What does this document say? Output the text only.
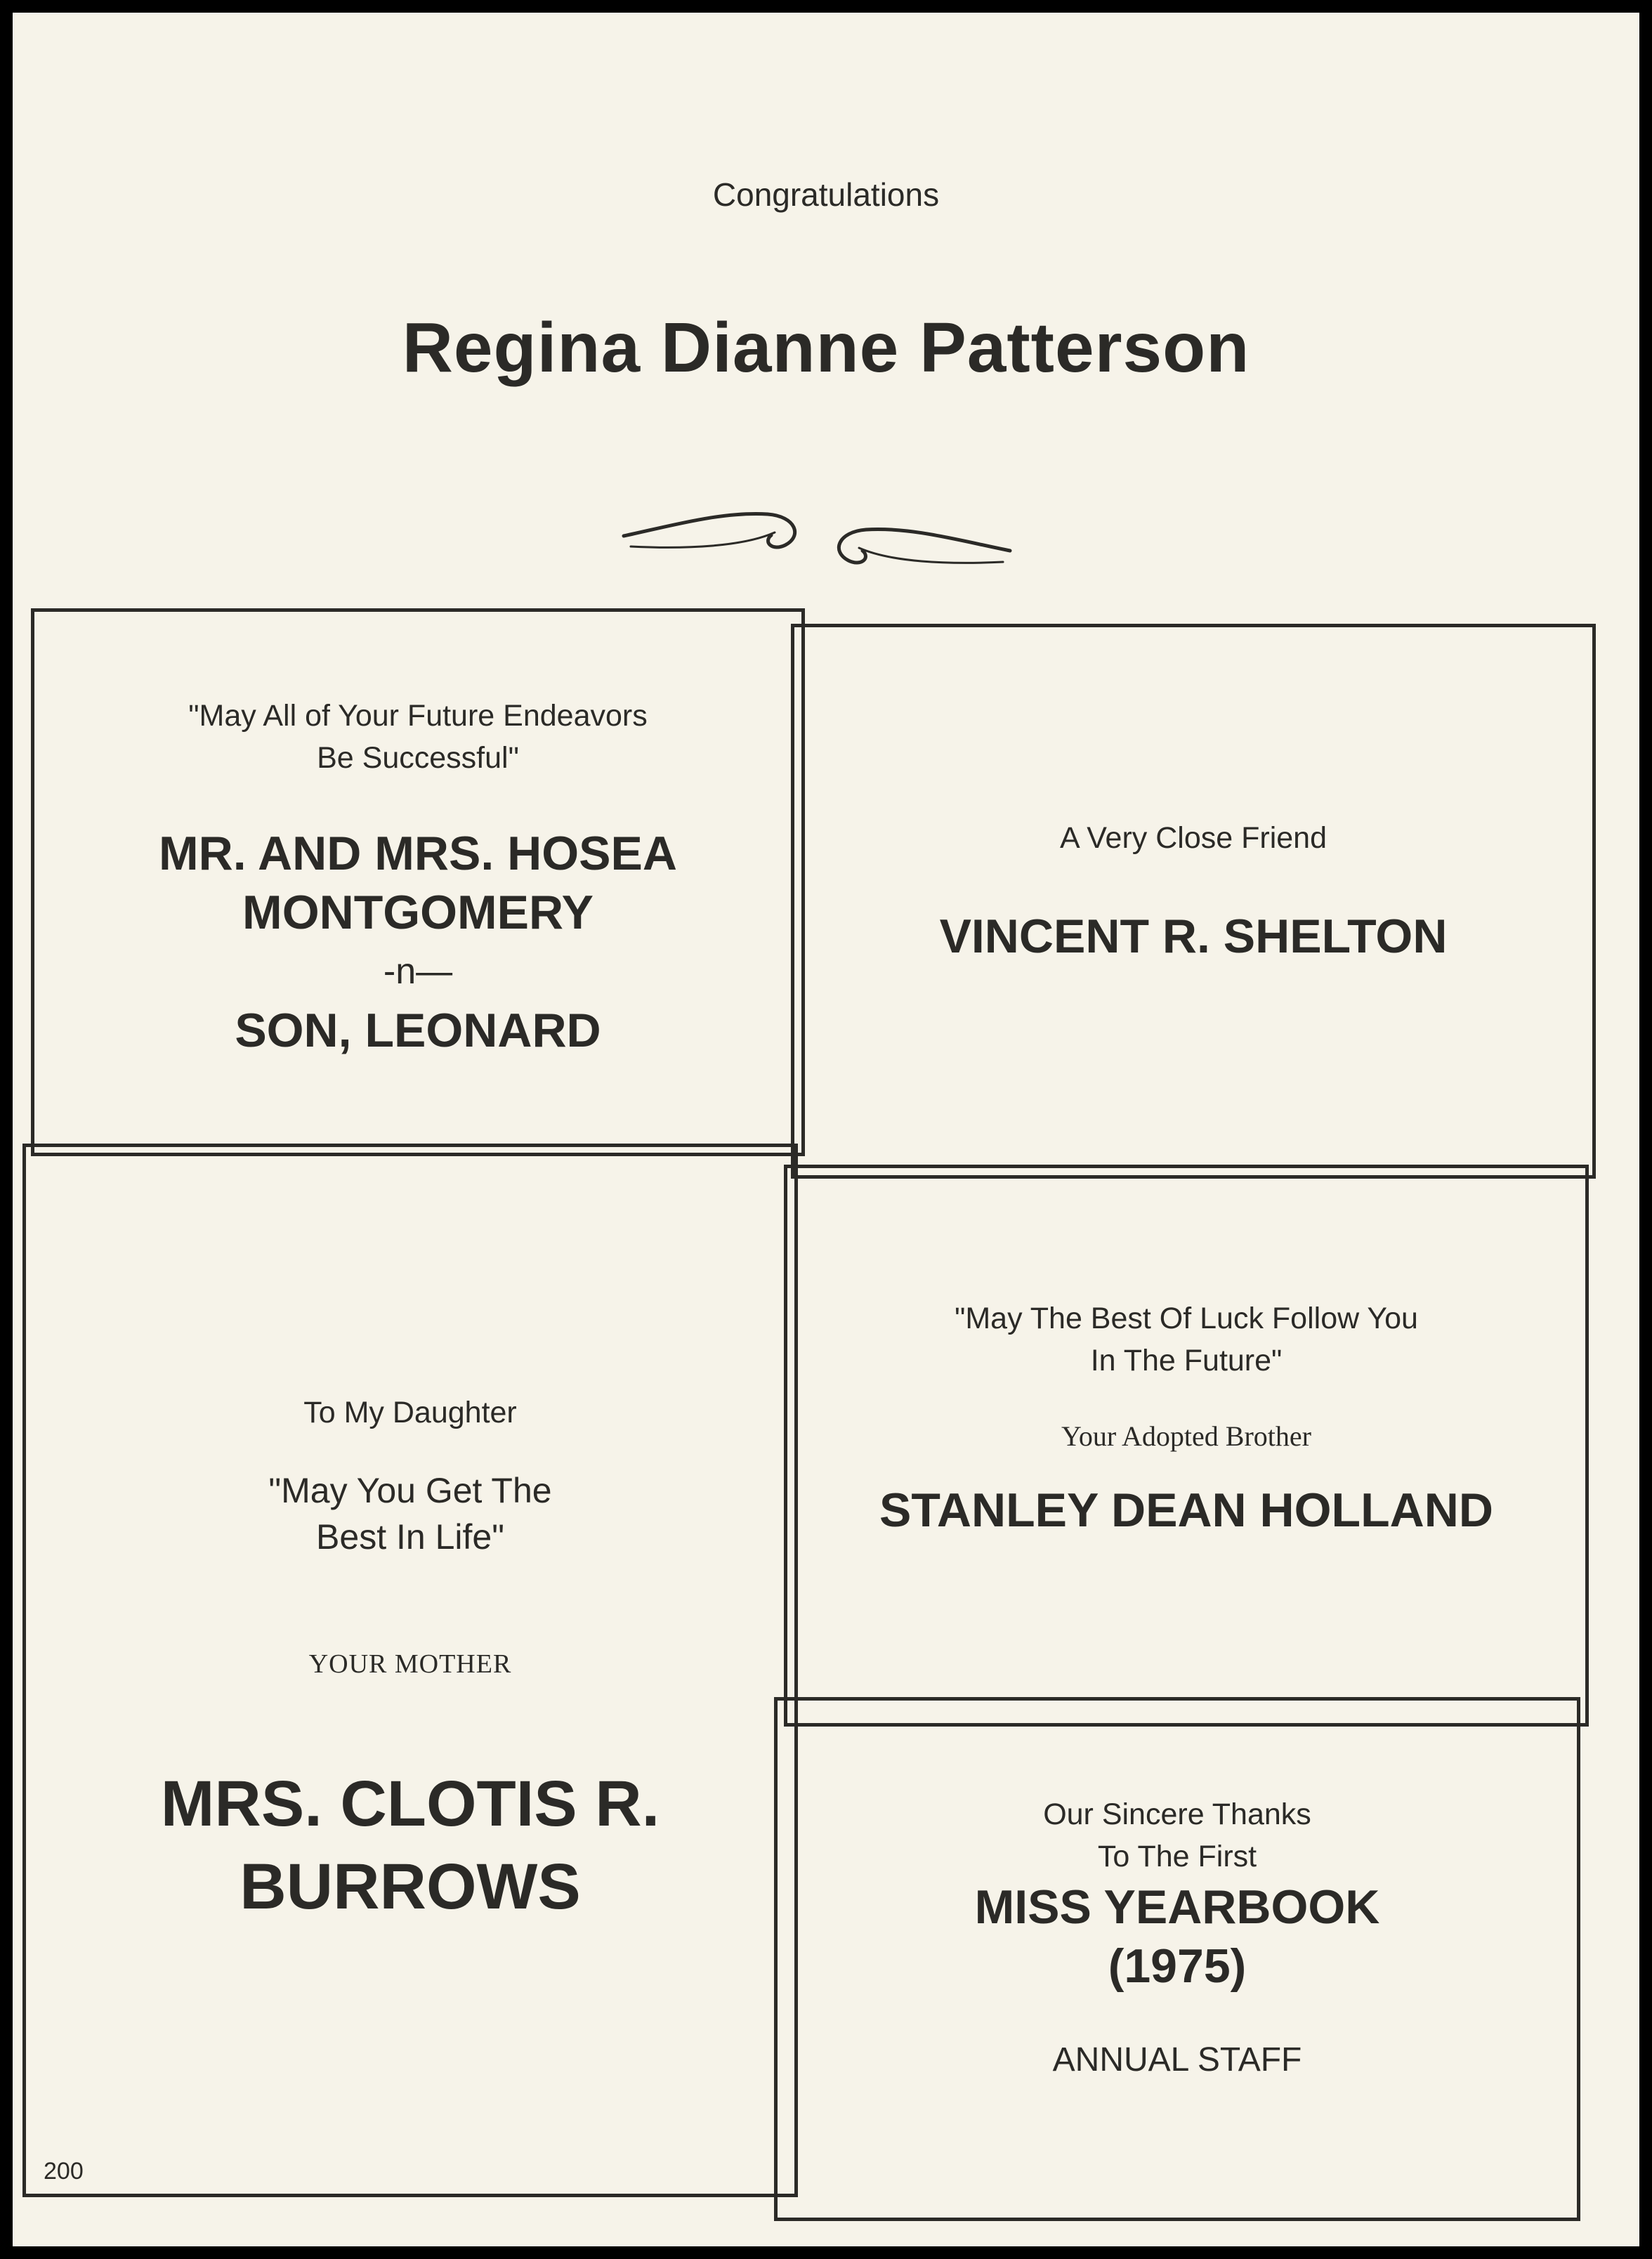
Congratulations
Regina Dianne Patterson
"May All of Your Future Endeavors
Be Successful"
MR. AND MRS. HOSEA
MONTGOMERY
-n—
SON, LEONARD
A Very Close Friend
VINCENT R. SHELTON
To My Daughter
"May You Get The
Best In Life"
YOUR MOTHER
MRS. CLOTIS R.
BURROWS
"May The Best Of Luck Follow You
In The Future"
Your Adopted Brother
STANLEY DEAN HOLLAND
Our Sincere Thanks
To The First
MISS YEARBOOK
(1975)
ANNUAL STAFF
200
